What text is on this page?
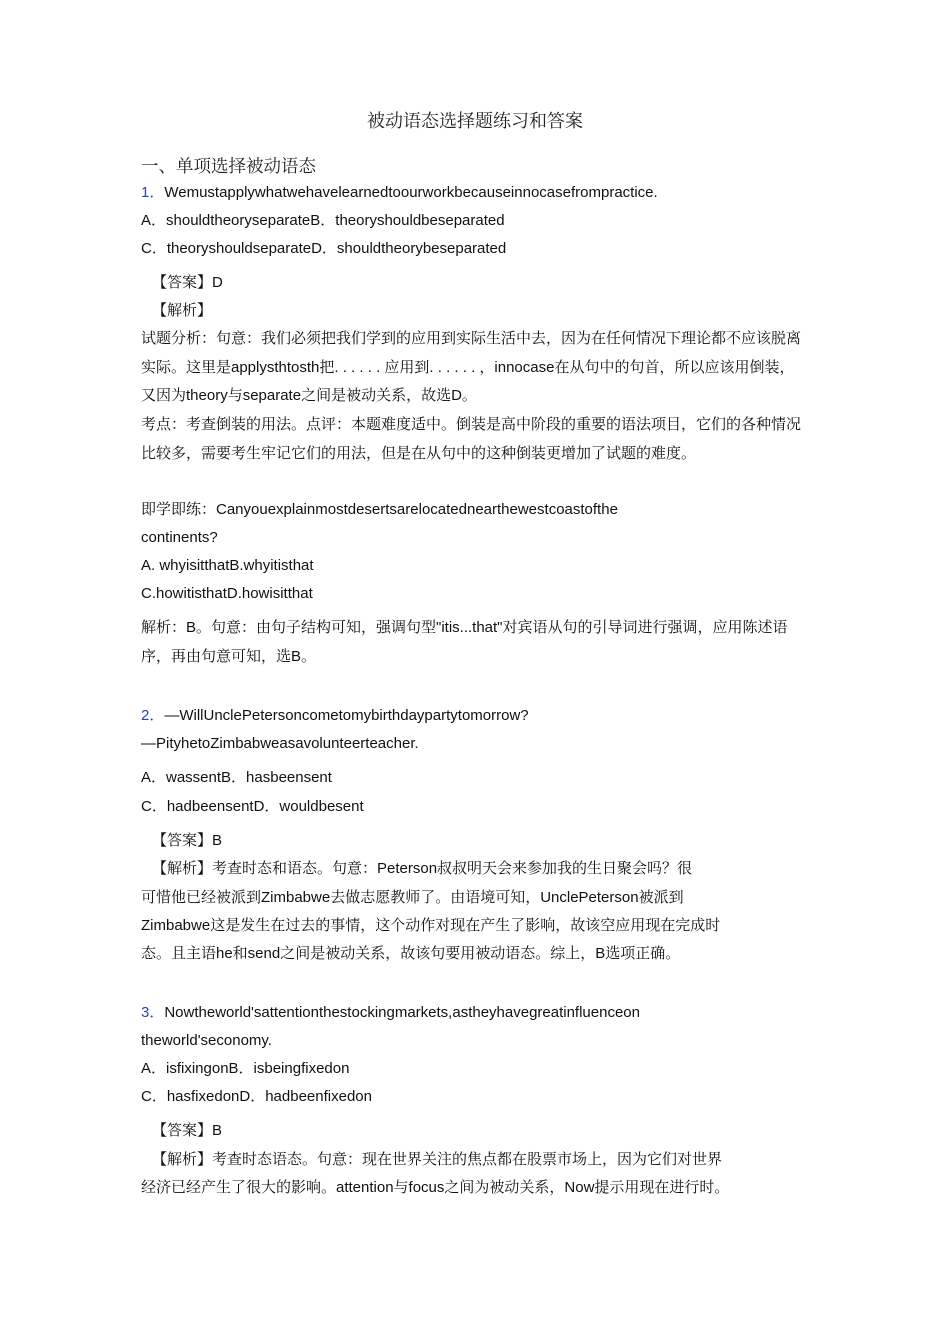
被动语态选择题练习和答案
一、单项选择被动语态
1．Wemustapplywhatwehavelearnedtoourworkbecauseinnocasefrompractice.
A．shouldtheoryseparateB．theoryshouldbeseparated
C．theoryshouldseparateD．shouldtheorybeseparated
【答案】D
【解析】
试题分析：句意：我们必须把我们学到的应用到实际生活中去，因为在任何情况下理论都不应该脱离实际。这里是applysthtosth把. . . . . . 应用到. . . . . . ，innocase在从句中的句首，所以应该用倒装，又因为theory与separate之间是被动关系，故选D。
考点：考查倒装的用法。点评：本题难度适中。倒装是高中阶段的重要的语法项目，它们的各种情况比较多，需要考生牢记它们的用法，但是在从句中的这种倒装更增加了试题的难度。
即学即练：Canyouexplainmostdesertsarelocatednearthewestcoastofthe
continents?
A. whyisitthatB.whyitisthat
C.howitisthatD.howisitthat
解析：B。句意：由句子结构可知，强调句型"itis...that"对宾语从句的引导词进行强调，应用陈述语序，再由句意可知，选B。
2．—WillUnclePetersoncometomybirthdaypartytomorrow?
—PityhetoZimbabweasavolunteerteacher.
A．wassentB．hasbeensent
C．hadbeensentD．wouldbesent
【答案】B
【解析】考查时态和语态。句意：Peterson叔叔明天会来参加我的生日聚会吗？很
可惜他已经被派到Zimbabwe去做志愿教师了。由语境可知，UnclePeterson被派到
Zimbabwe这是发生在过去的事情，这个动作对现在产生了影响，故该空应用现在完成时
态。且主语he和send之间是被动关系，故该句要用被动语态。综上，B选项正确。
3．Nowtheworld'sattentionthestockingmarkets,astheyhavegreatinfluenceon
theworld'seconomy.
A．isfixingonB．isbeingfixedon
C．hasfixedonD．hadbeenfixedon
【答案】B
【解析】考查时态语态。句意：现在世界关注的焦点都在股票市场上，因为它们对世界
经济已经产生了很大的影响。attention与focus之间为被动关系，Now提示用现在进行时。
